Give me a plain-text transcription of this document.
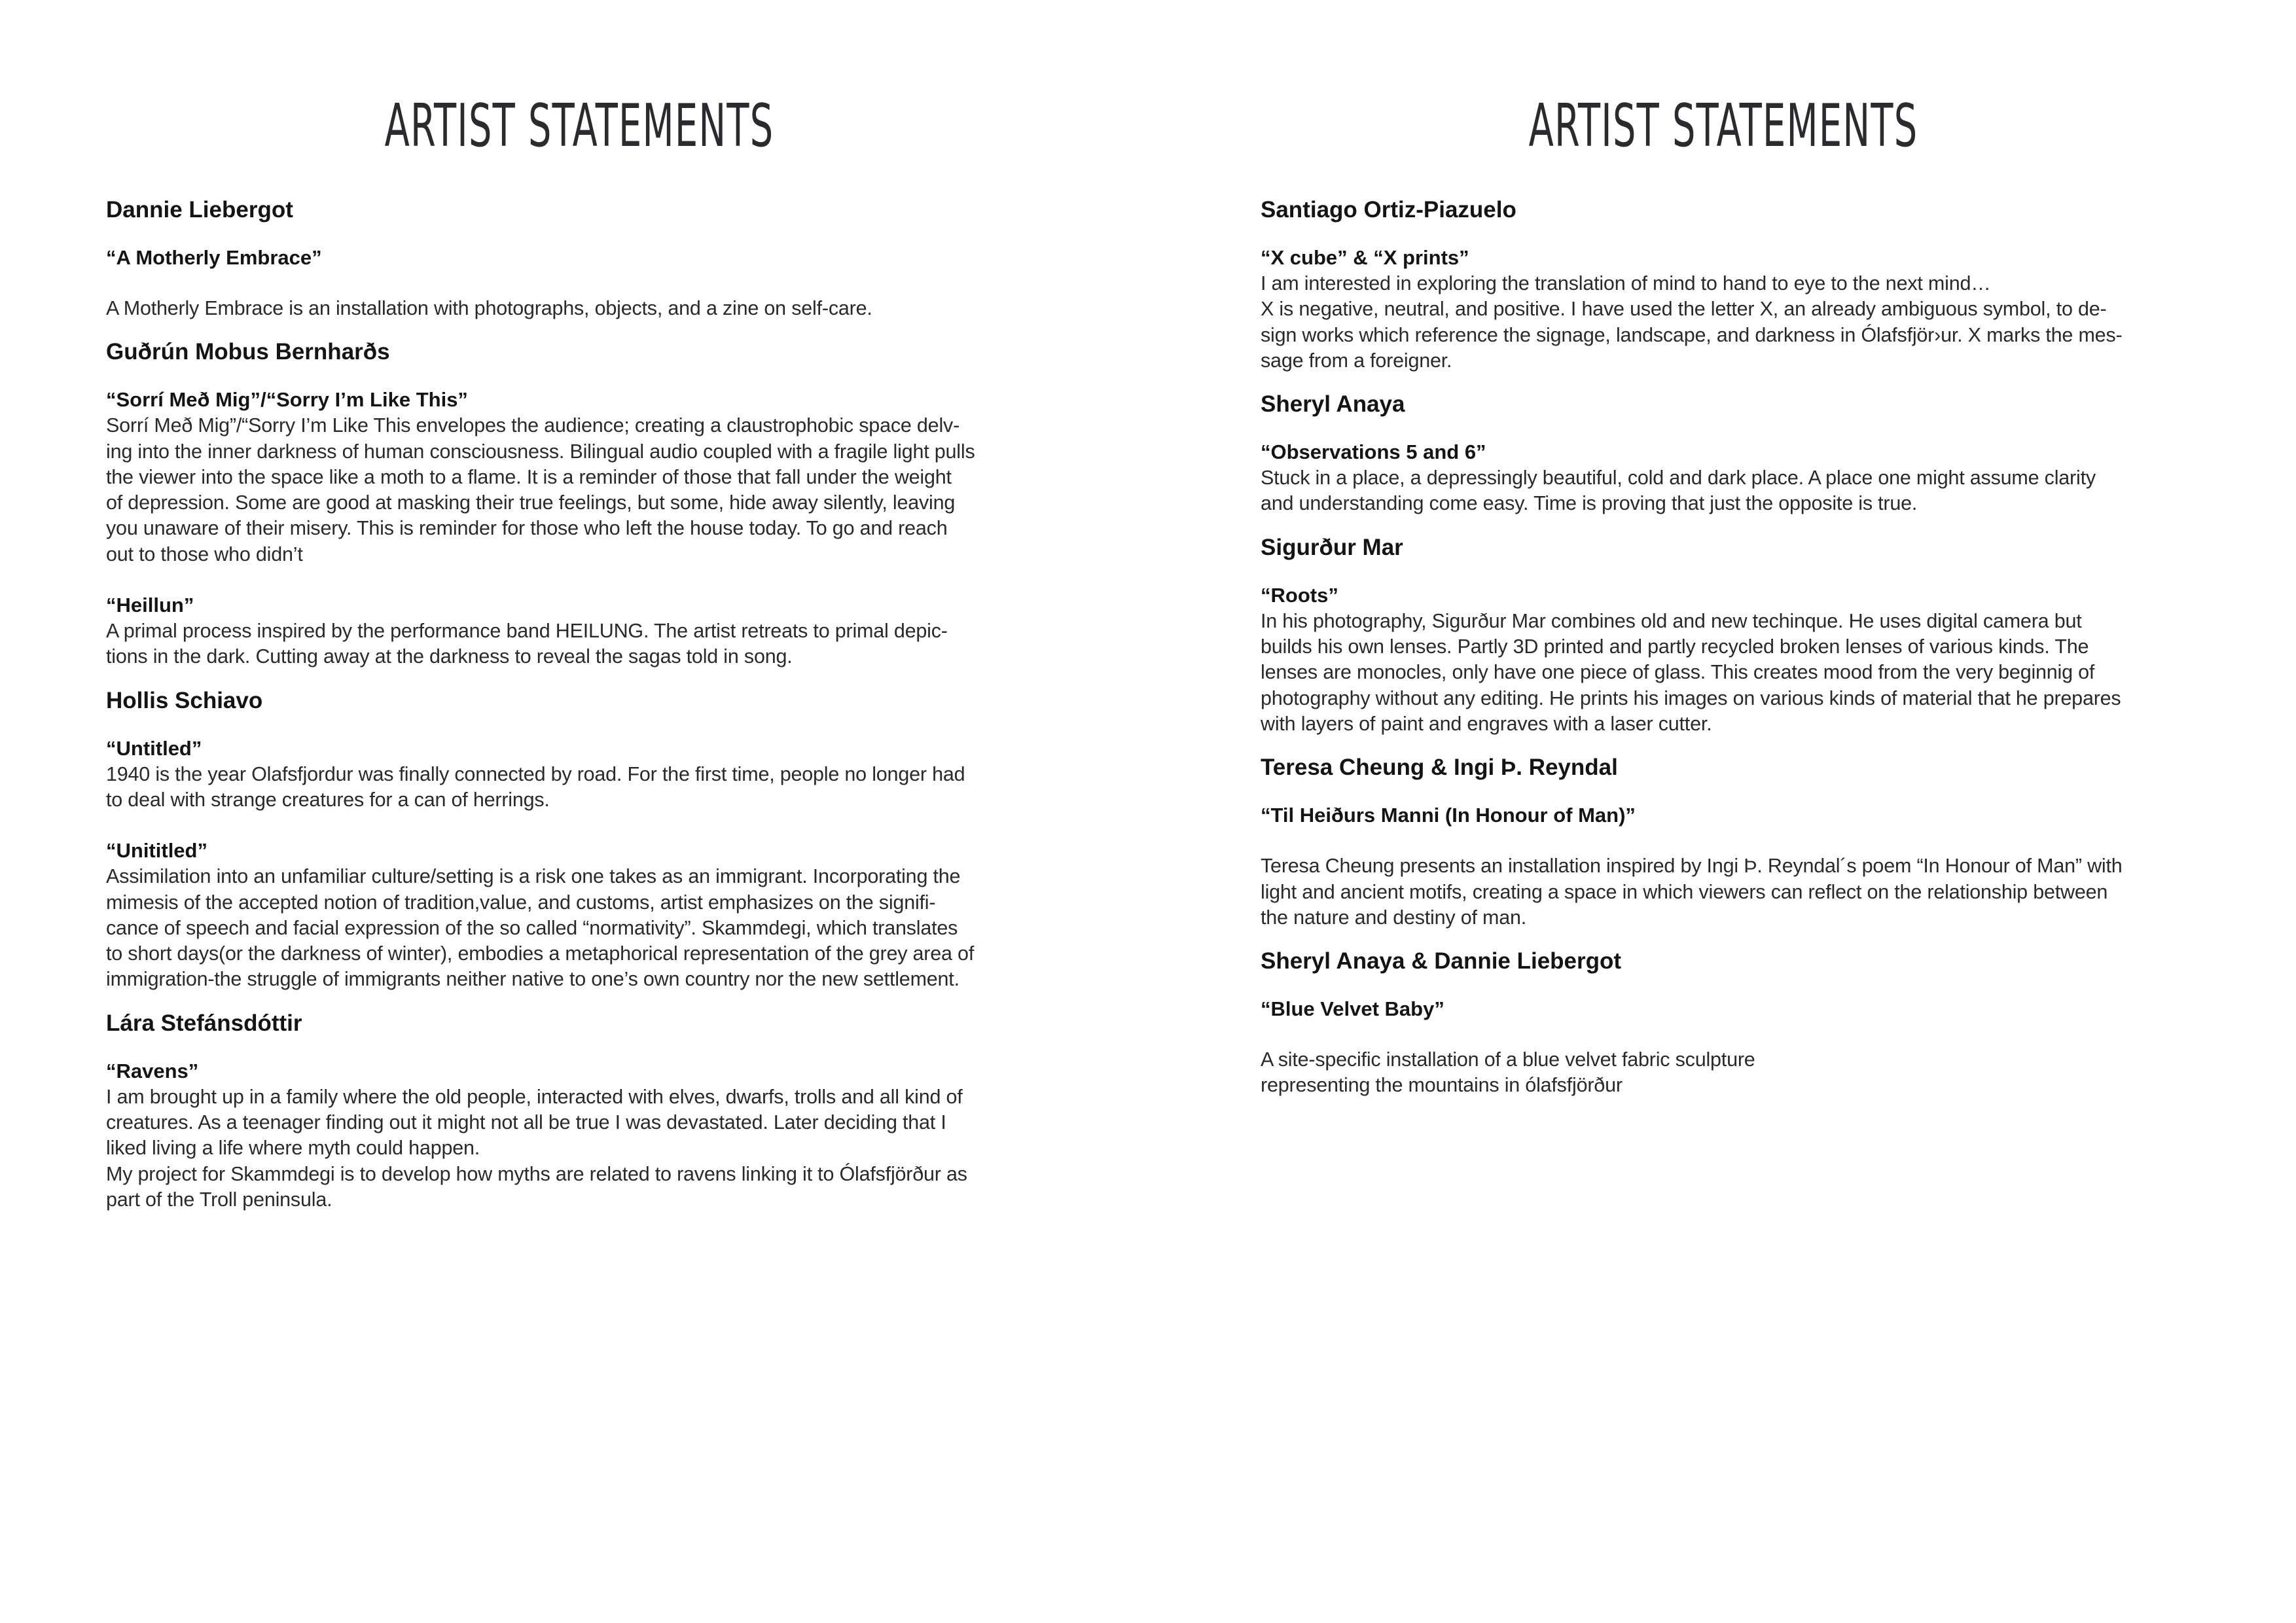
ARTIST STATEMENTS
Dannie Liebergot
“A Motherly Embrace”
A Motherly Embrace is an installation with photographs, objects, and a zine on self-care.
Guðrún Mobus Bernharðs
“Sorrí Með Mig”/“Sorry I’m Like This”
Sorrí Með Mig”/“Sorry I’m Like This envelopes the audience; creating a claustrophobic space delv-
ing into the inner darkness of human consciousness. Bilingual audio coupled with a fragile light pulls
the viewer into the space like a moth to a flame. It is a reminder of those that fall under the weight
of depression. Some are good at masking their true feelings, but some, hide away silently, leaving
you unaware of their misery. This is reminder for those who left the house today. To go and reach
out to those who didn’t
“Heillun”
A primal process inspired by the performance band HEILUNG. The artist retreats to primal depic-
tions in the dark. Cutting away at the darkness to reveal the sagas told in song.
Hollis Schiavo
“Untitled”
1940 is the year Olafsfjordur was finally connected by road. For the first time, people no longer had
to deal with strange creatures for a can of herrings.
“Unititled”
Assimilation into an unfamiliar culture/setting is a risk one takes as an immigrant. Incorporating the
mimesis of the accepted notion of tradition,value, and customs, artist emphasizes on the signifi-
cance of speech and facial expression of the so called “normativity”. Skammdegi, which translates
to short days(or the darkness of winter), embodies a metaphorical representation of the grey area of
immigration-the struggle of immigrants neither native to one’s own country nor the new settlement.
Lára Stefánsdóttir
“Ravens”
I am brought up in a family where the old people, interacted with elves, dwarfs, trolls and all kind of
creatures. As a teenager finding out it might not all be true I was devastated. Later deciding that I
liked living a life where myth could happen.
My project for Skammdegi is to develop how myths are related to ravens linking it to Ólafsfjörður as
part of the Troll peninsula.
ARTIST STATEMENTS
Santiago Ortiz-Piazuelo
“X cube” & “X prints”
I am interested in exploring the translation of mind to hand to eye to the next mind…
X is negative, neutral, and positive. I have used the letter X, an already ambiguous symbol, to de-
sign works which reference the signage, landscape, and darkness in Ólafsfjör›ur. X marks the mes-
sage from a foreigner.
Sheryl Anaya
“Observations 5 and 6”
Stuck in a place, a depressingly beautiful, cold and dark place. A place one might assume clarity
and understanding come easy. Time is proving that just the opposite is true.
Sigurður Mar
“Roots”
In his photography, Sigurður Mar combines old and new techinque. He uses digital camera but
builds his own lenses. Partly 3D printed and partly recycled broken lenses of various kinds. The
lenses are monocles, only have one piece of glass. This creates mood from the very beginnig of
photography without any editing. He prints his images on various kinds of material that he prepares
with layers of paint and engraves with a laser cutter.
Teresa Cheung & Ingi Þ. Reyndal
“Til Heiðurs Manni (In Honour of Man)”
Teresa Cheung presents an installation inspired by Ingi Þ. Reyndal´s poem “In Honour of Man” with
light and ancient motifs, creating a space in which viewers can reflect on the relationship between
the nature and destiny of man.
Sheryl Anaya & Dannie Liebergot
“Blue Velvet Baby”
A site-specific installation of a blue velvet fabric sculpture
representing the mountains in ólafsfjörður
